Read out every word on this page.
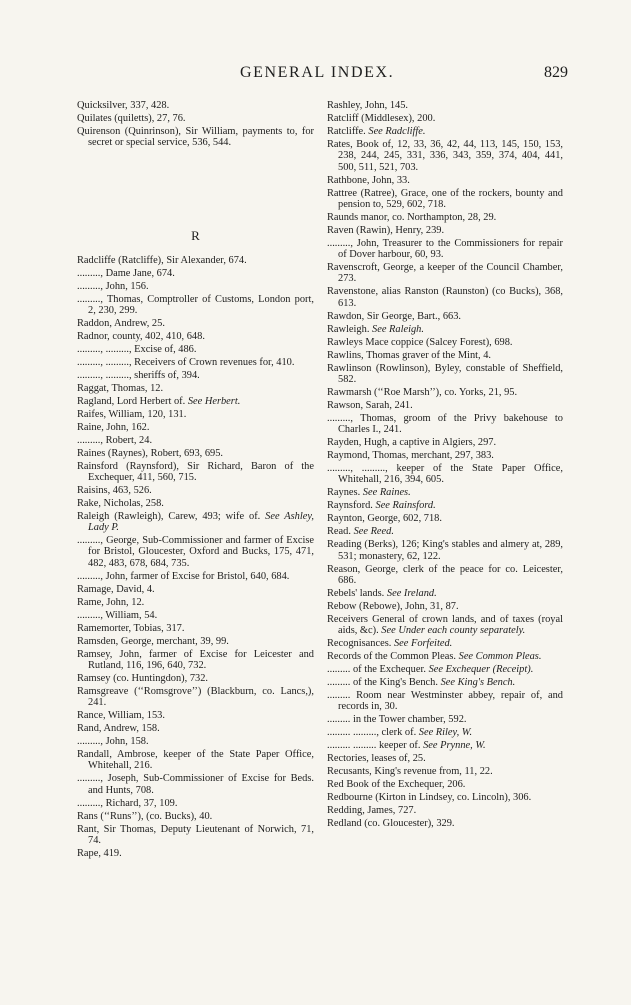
GENERAL INDEX.	829

Quicksilver, 337, 428.

Quilates (quiletts), 27, 76.

Quirenson (Quinrinson), Sir William, payments to, for secret or special service, 536, 544.

R

Radcliffe (Ratcliffe), Sir Alexander, 674.

........., Dame Jane, 674.

........., John, 156.

........., Thomas, Comptroller of Customs, London port, 2, 230, 299.

Raddon, Andrew, 25.

Radnor, county, 402, 410, 648.

........., ........., Excise of, 486.

........., ........., Receivers of Crown revenues for, 410.

........., ........., sheriffs of, 394.

Raggat, Thomas, 12.

Ragland, Lord Herbert of. See Herbert.

Raifes, William, 120, 131.

Raine, John, 162.

........., Robert, 24.

Raines (Raynes), Robert, 693, 695.

Rainsford (Raynsford), Sir Richard, Baron of the Exchequer, 411, 560, 715.

Raisins, 463, 526.

Rake, Nicholas, 258.

Raleigh (Rawleigh), Carew, 493; wife of. See Ashley, Lady P.

........., George, Sub-Commissioner and farmer of Excise for Bristol, Gloucester, Oxford and Bucks, 175, 471, 482, 483, 678, 684, 735.

........., John, farmer of Excise for Bristol, 640, 684.

Ramage, David, 4.

Rame, John, 12.

........., William, 54.

Ramemorter, Tobias, 317.

Ramsden, George, merchant, 39, 99.

Ramsey, John, farmer of Excise for Leicester and Rutland, 116, 196, 640, 732.

Ramsey (co. Huntingdon), 732.

Ramsgreave (‘‘Romsgrove’’) (Blackburn, co. Lancs,), 241.

Rance, William, 153.

Rand, Andrew, 158.

........., John, 158.

Randall, Ambrose, keeper of the State Paper Office, Whitehall, 216.

........., Joseph, Sub-Commissioner of Excise for Beds. and Hunts, 708.

........., Richard, 37, 109.

Rans (‘‘Runs’’), (co. Bucks), 40.

Rant, Sir Thomas, Deputy Lieutenant of Norwich, 71, 74.

Rape, 419.

Rashley, John, 145.

Ratcliff (Middlesex), 200.

Ratcliffe. See Radcliffe.

Rates, Book of, 12, 33, 36, 42, 44, 113, 145, 150, 153, 238, 244, 245, 331, 336, 343, 359, 374, 404, 441, 500, 511, 521, 703.

Rathbone, John, 33.

Rattree (Ratree), Grace, one of the rockers, bounty and pension to, 529, 602, 718.

Raunds manor, co. Northampton, 28, 29.

Raven (Rawin), Henry, 239.

........., John, Treasurer to the Commissioners for repair of Dover harbour, 60, 93.

Ravenscroft, George, a keeper of the Council Chamber, 273.

Ravenstone, alias Ranston (Raunston) (co Bucks), 368, 613.

Rawdon, Sir George, Bart., 663.

Rawleigh. See Raleigh.

Rawleys Mace coppice (Salcey Forest), 698.

Rawlins, Thomas graver of the Mint, 4.

Rawlinson (Rowlinson), Byley, constable of Sheffield, 582.

Rawmarsh (‘‘Roe Marsh’’), co. Yorks, 21, 95.

Rawson, Sarah, 241.

........., Thomas, groom of the Privy bakehouse to Charles I., 241.

Rayden, Hugh, a captive in Algiers, 297.

Raymond, Thomas, merchant, 297, 383.

........., ........., keeper of the State Paper Office, Whitehall, 216, 394, 605.

Raynes. See Raines.

Raynsford. See Rainsford.

Raynton, George, 602, 718.

Read. See Reed.

Reading (Berks), 126; King's stables and almery at, 289, 531; monastery, 62, 122.

Reason, George, clerk of the peace for co. Leicester, 686.

Rebels' lands. See Ireland.

Rebow (Rebowe), John, 31, 87.

Receivers General of crown lands, and of taxes (royal aids, &c). See Under each county separately.

Recognisances. See Forfeited.

Records of the Common Pleas. See Common Pleas.

......... of the Exchequer. See Exchequer (Receipt).

......... of the King's Bench. See King's Bench.

......... Room near Westminster abbey, repair of, and records in, 30.

......... in the Tower chamber, 592.

......... ........., clerk of. See Riley, W.

......... ......... keeper of. See Prynne, W.

Rectories, leases of, 25.

Recusants, King's revenue from, 11, 22.

Red Book of the Exchequer, 206.

Redbourne (Kirton in Lindsey, co. Lincoln), 306.

Redding, James, 727.

Redland (co. Gloucester), 329.
